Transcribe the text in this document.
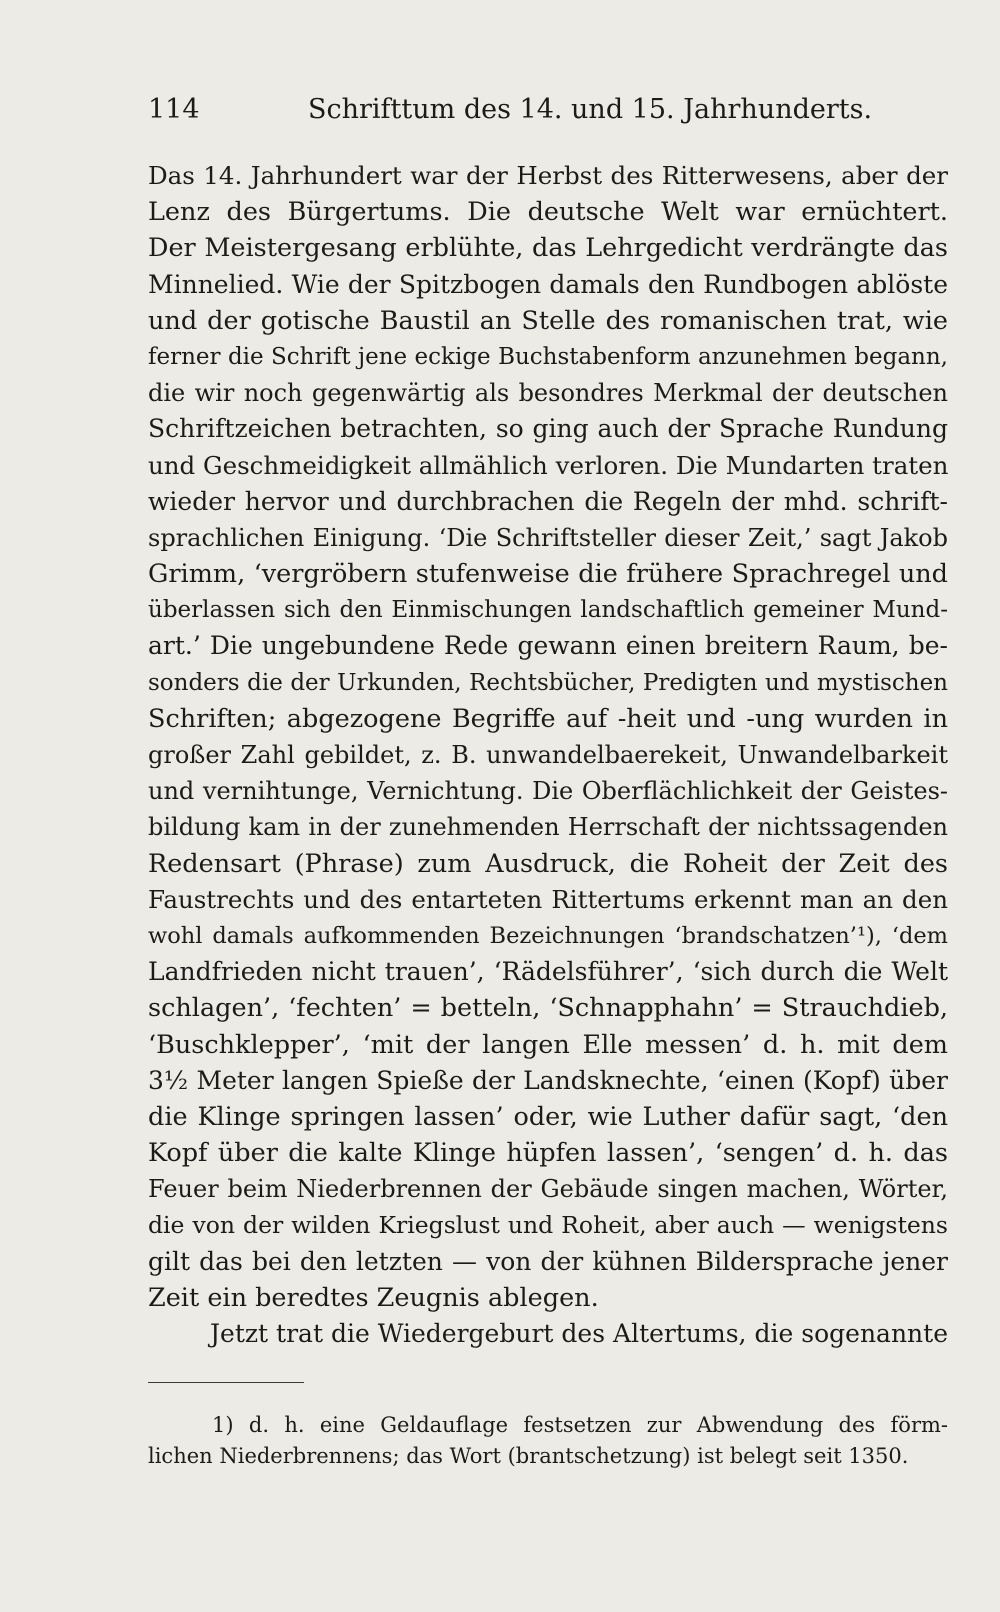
114	Schrifttum des 14. und 15. Jahrhunderts.
Das 14. Jahrhundert war der Herbst des Ritterwesens, aber der
Lenz des Bürgertums. Die deutsche Welt war ernüchtert.
Der Meistergesang erblühte, das Lehrgedicht verdrängte das
Minnelied. Wie der Spitzbogen damals den Rundbogen ablöste
und der gotische Baustil an Stelle des romanischen trat, wie
ferner die Schrift jene eckige Buchstabenform anzunehmen begann,
die wir noch gegenwärtig als besondres Merkmal der deutschen
Schriftzeichen betrachten, so ging auch der Sprache Rundung
und Geschmeidigkeit allmählich verloren. Die Mundarten traten
wieder hervor und durchbrachen die Regeln der mhd. schrift-
sprachlichen Einigung. ‘Die Schriftsteller dieser Zeit,’ sagt Jakob
Grimm, ‘vergröbern stufenweise die frühere Sprachregel und
überlassen sich den Einmischungen landschaftlich gemeiner Mund-
art.’ Die ungebundene Rede gewann einen breitern Raum, be-
sonders die der Urkunden, Rechtsbücher, Predigten und mystischen
Schriften; abgezogene Begriffe auf -heit und -ung wurden in
großer Zahl gebildet, z. B. unwandelbaerekeit, Unwandelbarkeit
und vernihtunge, Vernichtung. Die Oberflächlichkeit der Geistes-
bildung kam in der zunehmenden Herrschaft der nichtssagenden
Redensart (Phrase) zum Ausdruck, die Roheit der Zeit des
Faustrechts und des entarteten Rittertums erkennt man an den
wohl damals aufkommenden Bezeichnungen ‘brandschatzen’¹), ‘dem
Landfrieden nicht trauen’, ‘Rädelsführer’, ‘sich durch die Welt
schlagen’, ‘fechten’ = betteln, ‘Schnapphahn’ = Strauchdieb,
‘Buschklepper’, ‘mit der langen Elle messen’ d. h. mit dem
3½ Meter langen Spieße der Landsknechte, ‘einen (Kopf) über
die Klinge springen lassen’ oder, wie Luther dafür sagt, ‘den
Kopf über die kalte Klinge hüpfen lassen’, ‘sengen’ d. h. das
Feuer beim Niederbrennen der Gebäude singen machen, Wörter,
die von der wilden Kriegslust und Roheit, aber auch — wenigstens
gilt das bei den letzten — von der kühnen Bildersprache jener
Zeit ein beredtes Zeugnis ablegen.
Jetzt trat die Wiedergeburt des Altertums, die sogenannte
1) d. h. eine Geldauflage festsetzen zur Abwendung des förm-
lichen Niederbrennens; das Wort (brantschetzung) ist belegt seit 1350.
